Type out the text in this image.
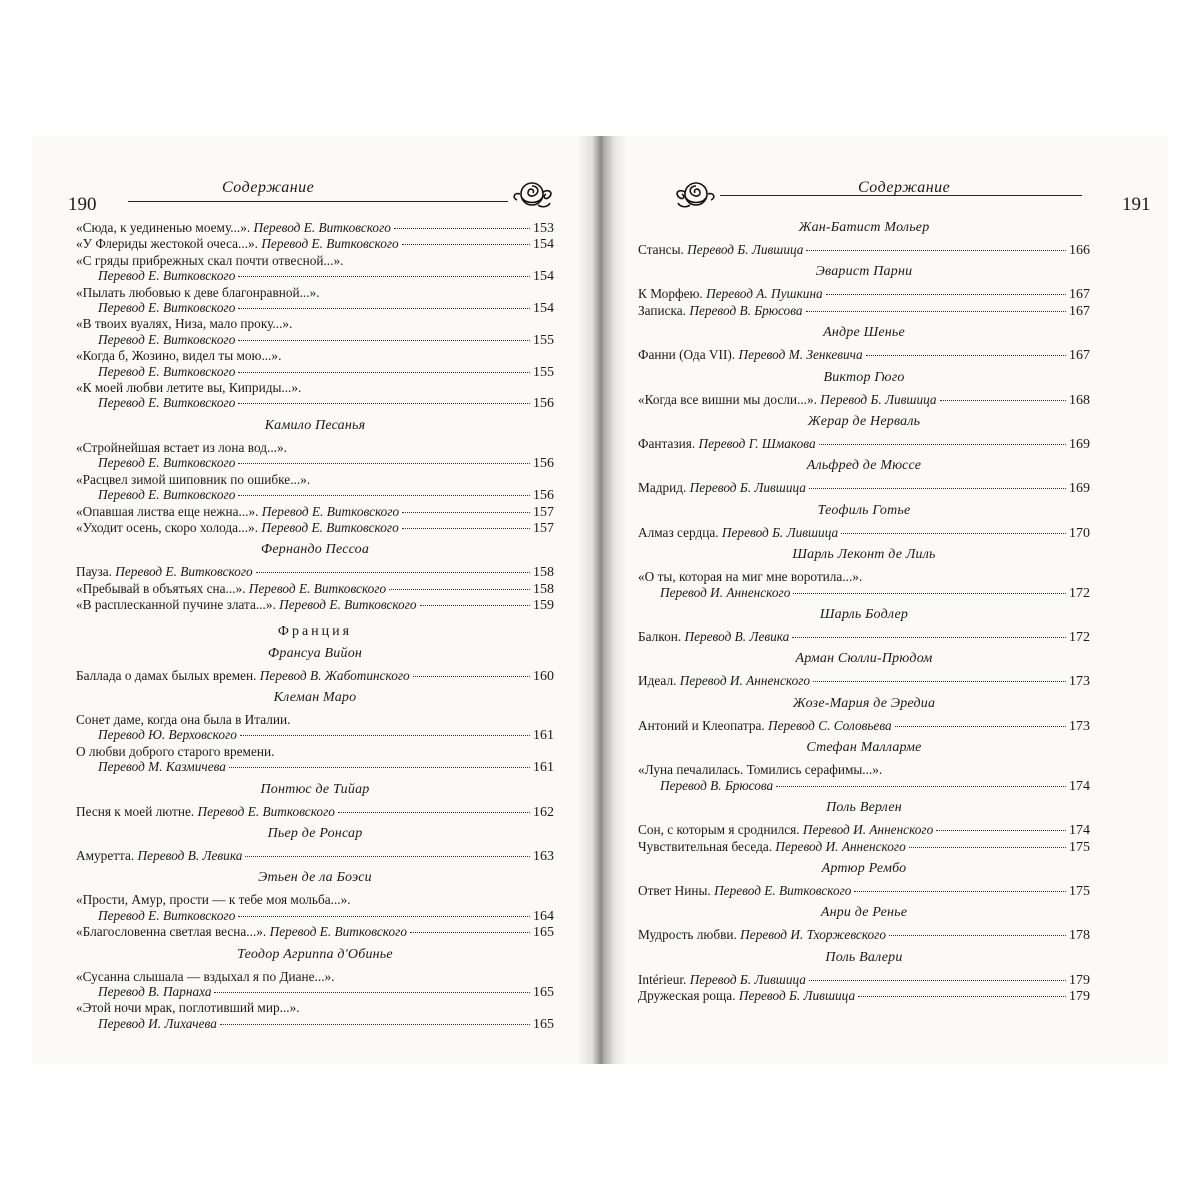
190
Содержание
«Сюда, к уединенью моему...». Перевод Е. Витковского	153
«У Флериды жестокой очеса...». Перевод Е. Витковского	154
«С гряды прибрежных скал почти отвесной...».
Перевод Е. Витковского	154
«Пылать любовью к деве благонравной...».
Перевод Е. Витковского	154
«В твоих вуалях, Низа, мало проку...».
Перевод Е. Витковского	155
«Когда б, Жозино, видел ты мою...».
Перевод Е. Витковского	155
«К моей любви летите вы, Киприды...».
Перевод Е. Витковского	156
Камило Песанья
«Стройнейшая встает из лона вод...».
Перевод Е. Витковского	156
«Расцвел зимой шиповник по ошибке...».
Перевод Е. Витковского	156
«Опавшая листва еще нежна...». Перевод Е. Витковского	157
«Уходит осень, скоро холода...». Перевод Е. Витковского	157
Фернандо Пессоа
Пауза. Перевод Е. Витковского	158
«Пребывай в объятьях сна...». Перевод Е. Витковского	158
«В расплесканной пучине злата...». Перевод Е. Витковского	159
Франция
Франсуа Вийон
Баллада о дамах былых времен. Перевод В. Жаботинского	160
Клеман Маро
Сонет даме, когда она была в Италии.
Перевод Ю. Верховского	161
О любви доброго старого времени.
Перевод М. Казмичева	161
Понтюс де Тийар
Песня к моей лютне. Перевод Е. Витковского	162
Пьер де Ронсар
Амуретта. Перевод В. Левика	163
Этьен де ла Боэси
«Прости, Амур, прости — к тебе моя мольба...».
Перевод Е. Витковского	164
«Благословенна светлая весна...». Перевод Е. Витковского	165
Теодор Агриппа д'Обинье
«Сусанна слышала — вздыхал я по Диане...».
Перевод В. Парнаха	165
«Этой ночи мрак, поглотивший мир...».
Перевод И. Лихачева	165
191
Содержание
Жан-Батист Мольер
Стансы. Перевод Б. Лившица	166
Эварист Парни
К Морфею. Перевод А. Пушкина	167
Записка. Перевод В. Брюсова	167
Андре Шенье
Фанни (Ода VII). Перевод М. Зенкевича	167
Виктор Гюго
«Когда все вишни мы досли...». Перевод Б. Лившица	168
Жерар де Нерваль
Фантазия. Перевод Г. Шмакова	169
Альфред де Мюссе
Мадрид. Перевод Б. Лившица	169
Теофиль Готье
Алмаз сердца. Перевод Б. Лившица	170
Шарль Леконт де Лиль
«О ты, которая на миг мне воротила...».
Перевод И. Анненского	172
Шарль Бодлер
Балкон. Перевод В. Левика	172
Арман Сюлли-Прюдом
Идеал. Перевод И. Анненского	173
Жозе-Мария де Эредиа
Антоний и Клеопатра. Перевод С. Соловьева	173
Стефан Малларме
«Луна печалилась. Томились серафимы...».
Перевод В. Брюсова	174
Поль Верлен
Сон, с которым я сроднился. Перевод И. Анненского	174
Чувствительная беседа. Перевод И. Анненского	175
Артюр Рембо
Ответ Нины. Перевод Е. Витковского	175
Анри де Ренье
Мудрость любви. Перевод И. Тхоржевского	178
Поль Валери
Intérieur. Перевод Б. Лившица	179
Дружеская роща. Перевод Б. Лившица	179
